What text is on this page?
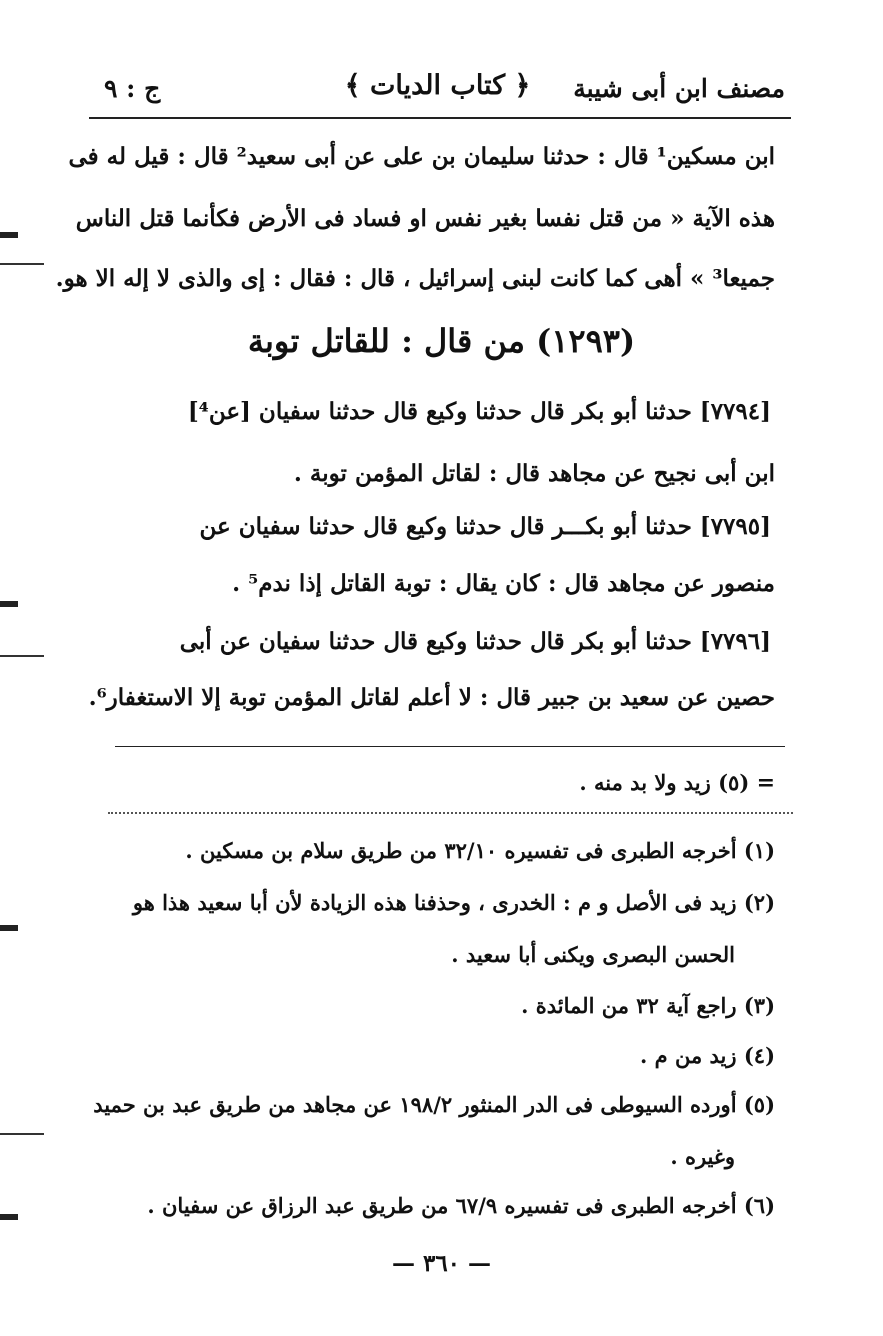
مصنف ابن أبى شيبة
﴿ كتاب الديات ﴾
ج : ٩
ابن مسكين¹ قال : حدثنا سليمان بن على عن أبى سعيد² قال : قيل له فى
هذه الآية « من قتل نفسا بغير نفس او فساد فى الأرض فكأنما قتل الناس
جميعا³ » أهى كما كانت لبنى إسرائيل ، قال : فقال : إى والذى لا إله الا هو.
(١٢٩٣) من قال : للقاتل توبة
[٧٧٩٤] حدثنا أبو بكر قال حدثنا وكيع قال حدثنا سفيان [عن⁴]
ابن أبى نجيح عن مجاهد قال : لقاتل المؤمن توبة .
[٧٧٩٥] حدثنا أبو بكـــر قال حدثنا وكيع قال حدثنا سفيان عن
منصور عن مجاهد قال : كان يقال : توبة القاتل إذا ندم⁵ .
[٧٧٩٦] حدثنا أبو بكر قال حدثنا وكيع قال حدثنا سفيان عن أبى
حصين عن سعيد بن جبير قال : لا أعلم لقاتل المؤمن توبة إلا الاستغفار⁶.
= (٥) زيد ولا بد منه .
(١) أخرجه الطبرى فى تفسيره ٣٢/١٠ من طريق سلام بن مسكين .
(٢) زيد فى الأصل و م : الخدرى ، وحذفنا هذه الزيادة لأن أبا سعيد هذا هو
الحسن البصرى ويكنى أبا سعيد .
(٣) راجع آية ٣٢ من المائدة .
(٤) زيد من م .
(٥) أورده السيوطى فى الدر المنثور ١٩٨/٢ عن مجاهد من طريق عبد بن حميد
وغيره .
(٦) أخرجه الطبرى فى تفسيره ٦٧/٩ من طريق عبد الرزاق عن سفيان .
— ٣٦٠ —
